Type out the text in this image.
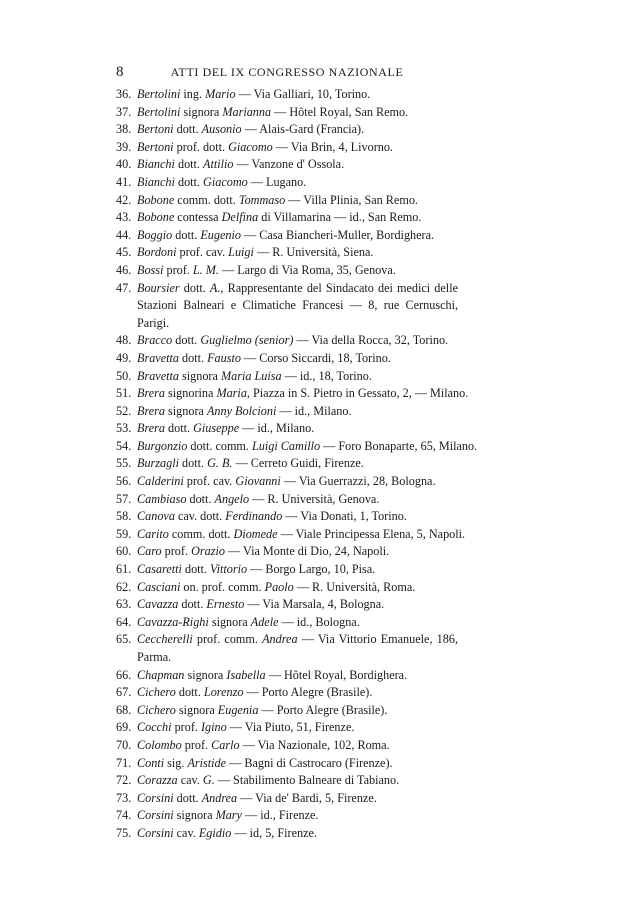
8	ATTI DEL IX CONGRESSO NAZIONALE
36. Bertolini ing. Mario — Via Galliari, 10, Torino.
37. Bertolini signora Marianna — Hôtel Royal, San Remo.
38. Bertoni dott. Ausonio — Alais-Gard (Francia).
39. Bertoni prof. dott. Giacomo — Via Brin, 4, Livorno.
40. Bianchi dott. Attilio — Vanzone d' Ossola.
41. Bianchi dott. Giacomo — Lugano.
42. Bobone comm. dott. Tommaso — Villa Plinia, San Remo.
43. Bobone contessa Delfina di Villamarina — id., San Remo.
44. Boggio dott. Eugenio — Casa Biancheri-Muller, Bordighera.
45. Bordoni prof. cav. Luigi — R. Università, Siena.
46. Bossi prof. L. M. — Largo di Via Roma, 35, Genova.
47. Boursier dott. A., Rappresentante del Sindacato dei medici delle Stazioni Balneari e Climatiche Francesi — 8, rue Cernuschi, Parigi.
48. Bracco dott. Guglielmo (senior) — Via della Rocca, 32, Torino.
49. Bravetta dott. Fausto — Corso Siccardi, 18, Torino.
50. Bravetta signora Maria Luisa — id., 18, Torino.
51. Brera signorina Maria, Piazza in S. Pietro in Gessato, 2, — Milano.
52. Brera signora Anny Bolcioni — id., Milano.
53. Brera dott. Giuseppe — id., Milano.
54. Burgonzio dott. comm. Luigi Camillo — Foro Bonaparte, 65, Milano.
55. Burzagli dott. G. B. — Cerreto Guidi, Firenze.
56. Calderini prof. cav. Giovanni — Via Guerrazzi, 28, Bologna.
57. Cambiaso dott. Angelo — R. Università, Genova.
58. Canova cav. dott. Ferdinando — Via Donati, 1, Torino.
59. Carito comm. dott. Diomede — Viale Principessa Elena, 5, Napoli.
60. Caro prof. Orazio — Via Monte di Dio, 24, Napoli.
61. Casaretti dott. Vittorio — Borgo Largo, 10, Pisa.
62. Casciani on. prof. comm. Paolo — R. Università, Roma.
63. Cavazza dott. Ernesto — Via Marsala, 4, Bologna.
64. Cavazza-Righi signora Adele — id., Bologna.
65. Ceccherelli prof. comm. Andrea — Via Vittorio Emanuele, 186, Parma.
66. Chapman signora Isabella — Hôtel Royal, Bordighera.
67. Cichero dott. Lorenzo — Porto Alegre (Brasile).
68. Cichero signora Eugenia — Porto Alegre (Brasile).
69. Cocchi prof. Igino — Via Piuto, 51, Firenze.
70. Colombo prof. Carlo — Via Nazionale, 102, Roma.
71. Conti sig. Aristide — Bagni di Castrocaro (Firenze).
72. Corazza cav. G. — Stabilimento Balneare di Tabiano.
73. Corsini dott. Andrea — Via de' Bardi, 5, Firenze.
74. Corsini signora Mary — id., Firenze.
75. Corsini cav. Egidio — id, 5, Firenze.
